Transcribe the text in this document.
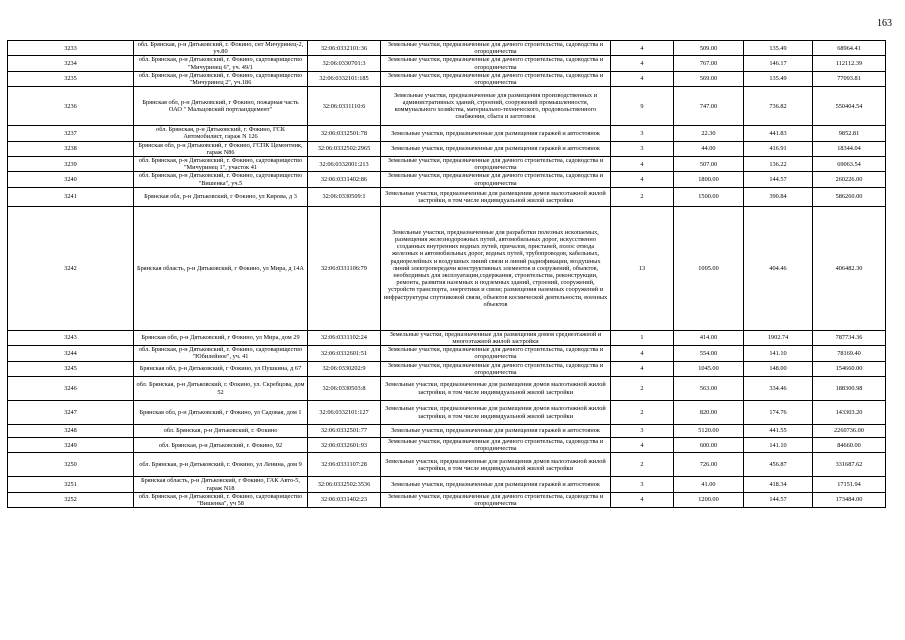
163
3233	обл. Брянская, р-н Дятьковский, г. Фокино, снт Мичуринец-2, уч.80	32:06:0332101:36	Земельные участки, предназначенные для дачного строительства, садоводства и огородничества	4	509.00	135.49	68964.41
3234	обл. Брянская, р-н Дятьковский, г. Фокино, садтоварищество "Мичуринец 6", уч. 49/1	32:06:0330701:3	Земельные участки, предназначенные для дачного строительства, садоводства и огородничества	4	767.00	146.17	112112.39
3235	обл. Брянская, р-н Дятьковский, г. Фокино, садтоварищество "Мичуринец 2", уч.186	32:06:0332101:185	Земельные участки, предназначенные для дачного строительства, садоводства и огородничества	4	569.00	135.49	77093.81
3236	Брянская обл, р-н Дятьковский, г Фокино, пожарная часть ОАО " Мальцовский портландцемент"	32:06:0331110:6	Земельные участки, предназначенные для размещения производственных и административных зданий, строений, сооружений промышленности, коммунального хозяйства, материально-технического, продовольственного снабжения, сбыта и заготовок	9	747.00	736.82	550404.54
3237	обл. Брянская, р-н Дятьковский, г. Фокино, ГСК Автомобилист, гараж N 126	32:06:0332501:78	Земельные участки, предназначенные для размещения гаражей и автостоянок	3	22.30	441.83	9852.81
3238	Брянская обл, р-н Дятьковский, г Фокино, ГСПК Цементник, гараж N86	32:06:0332502:2965	Земельные участки, предназначенные для размещения гаражей и автостоянок	3	44.00	416.91	18344.04
3239	обл. Брянская, р-н Дятьковский, г. Фокино, садтоварищество "Мичуринец 1", участок 41	32:06:0332001:213	Земельные участки, предназначенные для дачного строительства, садоводства и огородничества	4	507.00	136.22	69063.54
3240	обл. Брянская, р-н Дятьковский, г. Фокино, садтоварищество "Вишенка", уч.5	32:06:0331402:86	Земельные участки, предназначенные для дачного строительства, садоводства и огородничества	4	1800.00	144.57	260226.00
3241	Брянская обл, р-н Дятьковский, г Фокино, ул Кирова, д 3	32:06:0330509:1	Земельные участки, предназначенные для размещения домов малоэтажной жилой застройки, в том числе индивидуальной жилой застройки	2	1500.00	390.84	586260.00
3242	Брянская область, р-н Дятьковский, г Фокино, ул Мира, д 14А	32:06:0331106:79	Земельные участки, предназначенные для разработки полезных ископаемых, размещения железнодорожных путей, автомобильных дорог, искусственно созданных внутренних водных путей, причалов, пристаней, полос отвода железных и автомобильных дорог, водных путей, трубопроводов, кабельных, радиорелейных и воздушных линий связи и линий радиофикации, воздушных линий электропередачи конструктивных элементов и сооружений, объектов, необходимых для эксплуатации,содержания, строительства, реконструкции, ремонта, развития наземных и подземных зданий, строений, сооружений, устройств транспорта, энергетики и связи; размещения наземных сооружений и инфраструктуры спутниковой связи, объектов космической деятельности, военных объектов	13	1005.00	404.46	406482.30
3243	Брянская обл, р-н Дятьковский, г Фокино, ул Мира, дом 29	32:06:0331102:24	Земельные участки, предназначенные для размещения домов среднеэтажной и многоэтажной жилой застройки	1	414.00	1902.74	787734.36
3244	обл. Брянская, р-н Дятьковский, г. Фокино, садтоварищество "Юбилейное", уч. 41	32:06:0332601:51	Земельные участки, предназначенные для дачного строительства, садоводства и огородничества	4	554.00	141.10	78169.40
3245	Брянская обл, р-н Дятьковский, г Фокино, ул Пушкина, д 67	32:06:0330202:9	Земельные участки, предназначенные для дачного строительства, садоводства и огородничества	4	1045.00	148.00	154660.00
3246	обл. Брянская, р-н Дятьковский, г. Фокино, ул. Скребцова, дом 52	32:06:0330503:8	Земельные участки, предназначенные для размещения домов малоэтажной жилой застройки, в том числе индивидуальной жилой застройки	2	563.00	334.46	188300.98
3247	Брянская обл, р-н Дятьковский, г Фокино, ул Садовая, дом 1	32:06:0332101:127	Земельные участки, предназначенные для размещения домов малоэтажной жилой застройки, в том числе индивидуальной жилой застройки	2	820.00	174.76	143303.20
3248	обл. Брянская, р-н Дятьковский, г. Фокино	32:06:0332501:77	Земельные участки, предназначенные для размещения гаражей и автостоянок	3	5120.00	441.55	2260736.00
3249	обл. Брянская, р-н Дятьковский, г. Фокино, 92	32:06:0332601:93	Земельные участки, предназначенные для дачного строительства, садоводства и огородничества	4	600.00	141.10	84660.00
3250	обл. Брянская, р-н Дятьковский, г. Фокино, ул Ленина, дом 9	32:06:0331107:28	Земельные участки, предназначенные для размещения домов малоэтажной жилой застройки, в том числе индивидуальной жилой застройки	2	726.00	456.87	331687.62
3251	Брянская область, р-н Дятьковский, г Фокино, ГАК Авто-5, гараж N18	32:06:0332502:3536	Земельные участки, предназначенные для размещения гаражей и автостоянок	3	41.00	418.34	17151.94
3252	обл. Брянская, р-н Дятьковский, г. Фокино, садтоварищество "Вишенка", уч 58	32:06:0331402:23	Земельные участки, предназначенные для дачного строительства, садоводства и огородничества	4	1200.00	144.57	173484.00
